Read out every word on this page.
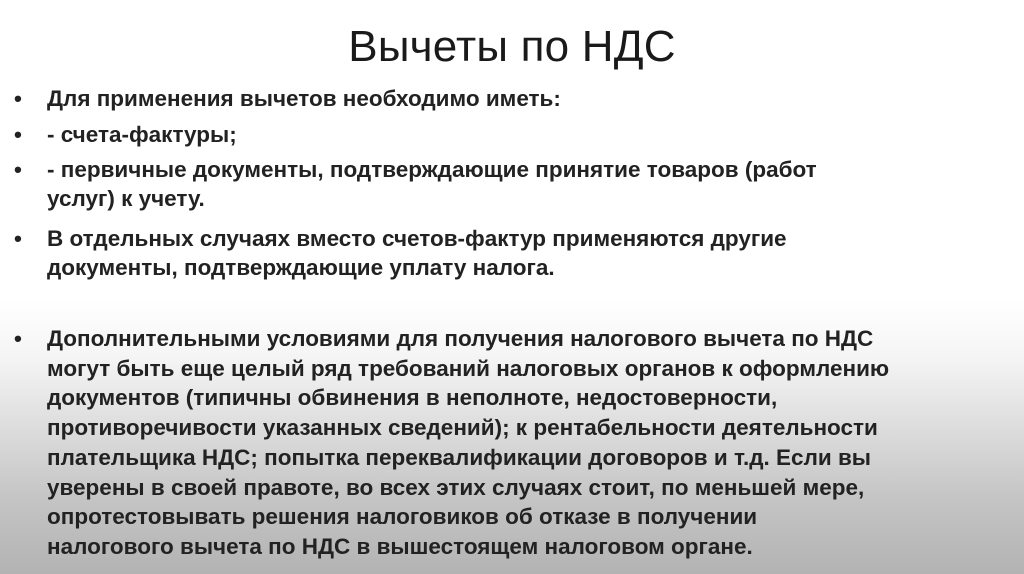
Вычеты по НДС
•	Для применения вычетов необходимо иметь:
•	- счета-фактуры;
•	- первичные документы, подтверждающие принятие товаров (работ
услуг) к учету.
•	В отдельных случаях вместо счетов-фактур применяются другие
документы, подтверждающие уплату налога.
•	Дополнительными условиями для получения налогового вычета по НДС
могут быть еще целый ряд требований налоговых органов к оформлению
документов (типичны обвинения в неполноте, недостоверности,
противоречивости указанных сведений); к рентабельности деятельности
плательщика НДС; попытка переквалификации договоров и т.д. Если вы
уверены в своей правоте, во всех этих случаях стоит, по меньшей мере,
опротестовывать решения налоговиков об отказе в получении
налогового вычета по НДС в вышестоящем налоговом органе.
